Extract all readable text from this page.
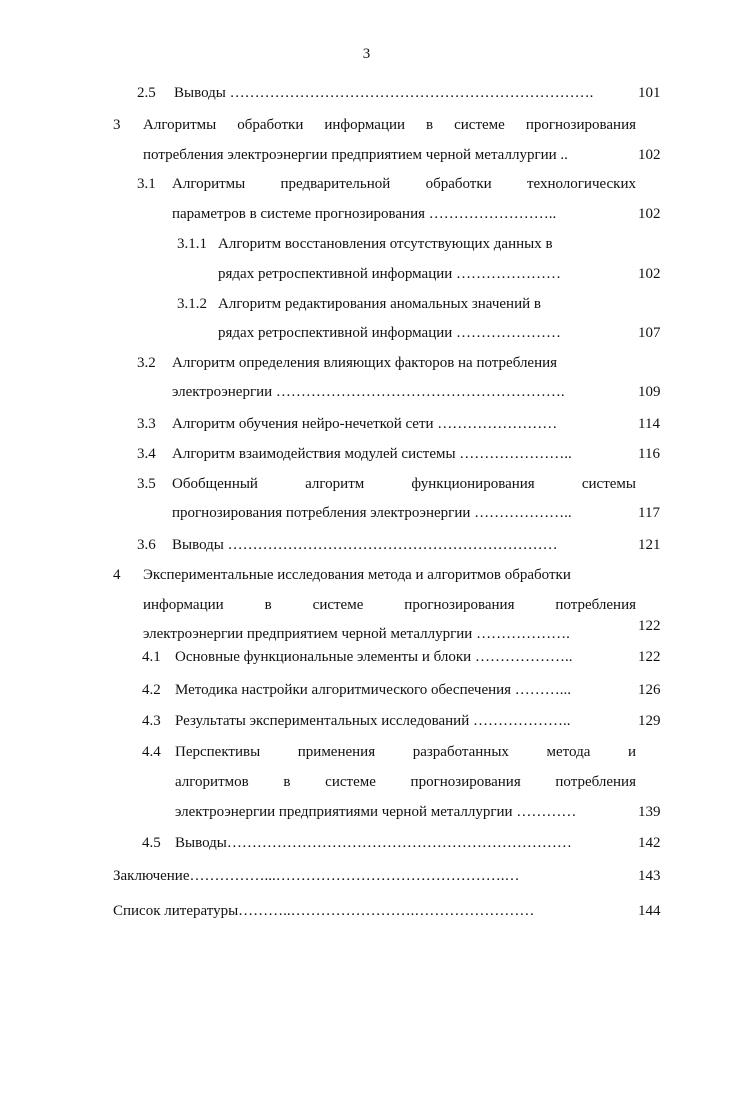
3
2.5 Выводы ……………………………………………………………….	101
3 Алгоритмы обработки информации в системе прогнозирования
потребления электроэнергии предприятием черной металлургии ..	102
3.1 Алгоритмы предварительной обработки технологических
параметров в системе прогнозирования ……………………..	102
3.1.1 Алгоритм восстановления отсутствующих данных в
рядах ретроспективной информации …………………	102
3.1.2 Алгоритм редактирования аномальных значений в
рядах ретроспективной информации …………………	107
3.2 Алгоритм определения влияющих факторов на потребления
электроэнергии ………………………………………………….	109
3.3 Алгоритм обучения нейро-нечеткой сети ……………………	114
3.4 Алгоритм взаимодействия модулей системы …………………..	116
3.5 Обобщенный алгоритм функционирования системы
прогнозирования потребления электроэнергии ………………..	117
3.6 Выводы …………………………………………………………	121
4 Экспериментальные исследования метода и алгоритмов обработки
информации в системе прогнозирования потребления
электроэнергии предприятием черной металлургии ……………….	122
4.1 Основные функциональные элементы и блоки ………………..	122
4.2 Методика настройки алгоритмического обеспечения ………...	126
4.3 Результаты экспериментальных исследований ………………..	129
4.4 Перспективы применения разработанных метода и
алгоритмов в системе прогнозирования потребления
электроэнергии предприятиями черной металлургии …………	139
4.5 Выводы……………………………………………………………	142
Заключение……………...……………………………………….…	143
Список литературы………..…………………….……………………	144
